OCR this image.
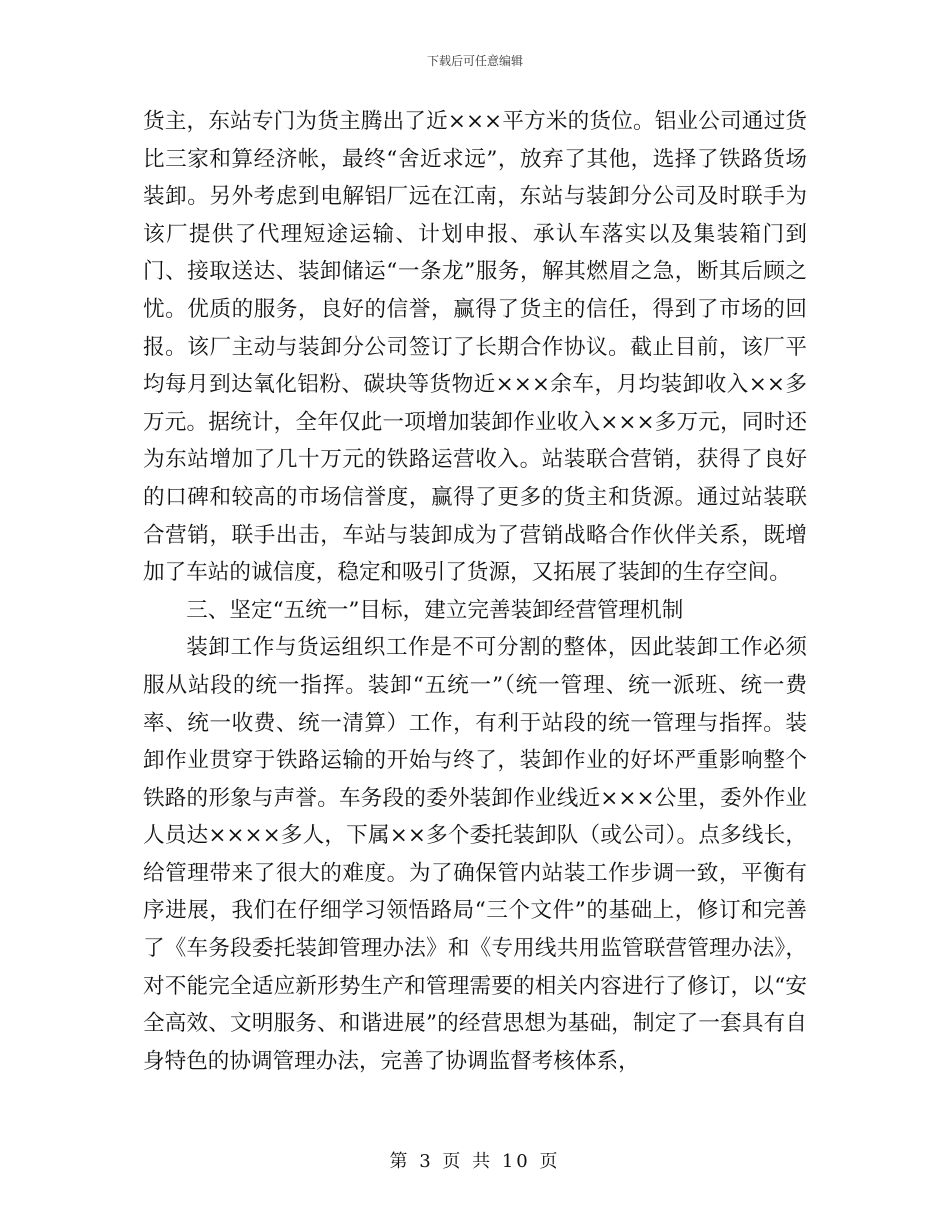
下载后可任意编辑

货主，东站专门为货主腾出了近×××平方米的货位。铝业公司通过货比三家和算经济帐，最终“舍近求远”，放弃了其他，选择了铁路货场装卸。另外考虑到电解铝厂远在江南，东站与装卸分公司及时联手为该厂提供了代理短途运输、计划申报、承认车落实以及集装箱门到门、接取送达、装卸储运“一条龙”服务，解其燃眉之急，断其后顾之忧。优质的服务，良好的信誉，赢得了货主的信任，得到了市场的回报。该厂主动与装卸分公司签订了长期合作协议。截止目前，该厂平均每月到达氧化铝粉、碳块等货物近×××余车，月均装卸收入××多万元。据统计，全年仅此一项增加装卸作业收入×××多万元，同时还为东站增加了几十万元的铁路运营收入。站装联合营销，获得了良好的口碑和较高的市场信誉度，赢得了更多的货主和货源。通过站装联合营销，联手出击，车站与装卸成为了营销战略合作伙伴关系，既增加了车站的诚信度，稳定和吸引了货源，又拓展了装卸的生存空间。

三、坚定“五统一”目标，建立完善装卸经营管理机制

装卸工作与货运组织工作是不可分割的整体，因此装卸工作必须服从站段的统一指挥。装卸“五统一”（统一管理、统一派班、统一费率、统一收费、统一清算）工作，有利于站段的统一管理与指挥。装卸作业贯穿于铁路运输的开始与终了，装卸作业的好坏严重影响整个铁路的形象与声誉。车务段的委外装卸作业线近×××公里，委外作业人员达××××多人，下属××多个委托装卸队（或公司）。点多线长，给管理带来了很大的难度。为了确保管内站装工作步调一致，平衡有序进展，我们在仔细学习领悟路局“三个文件”的基础上，修订和完善了《车务段委托装卸管理办法》和《专用线共用监管联营管理办法》，对不能完全适应新形势生产和管理需要的相关内容进行了修订，以“安全高效、文明服务、和谐进展”的经营思想为基础，制定了一套具有自身特色的协调管理办法，完善了协调监督考核体系，

第 3 页 共 10 页
